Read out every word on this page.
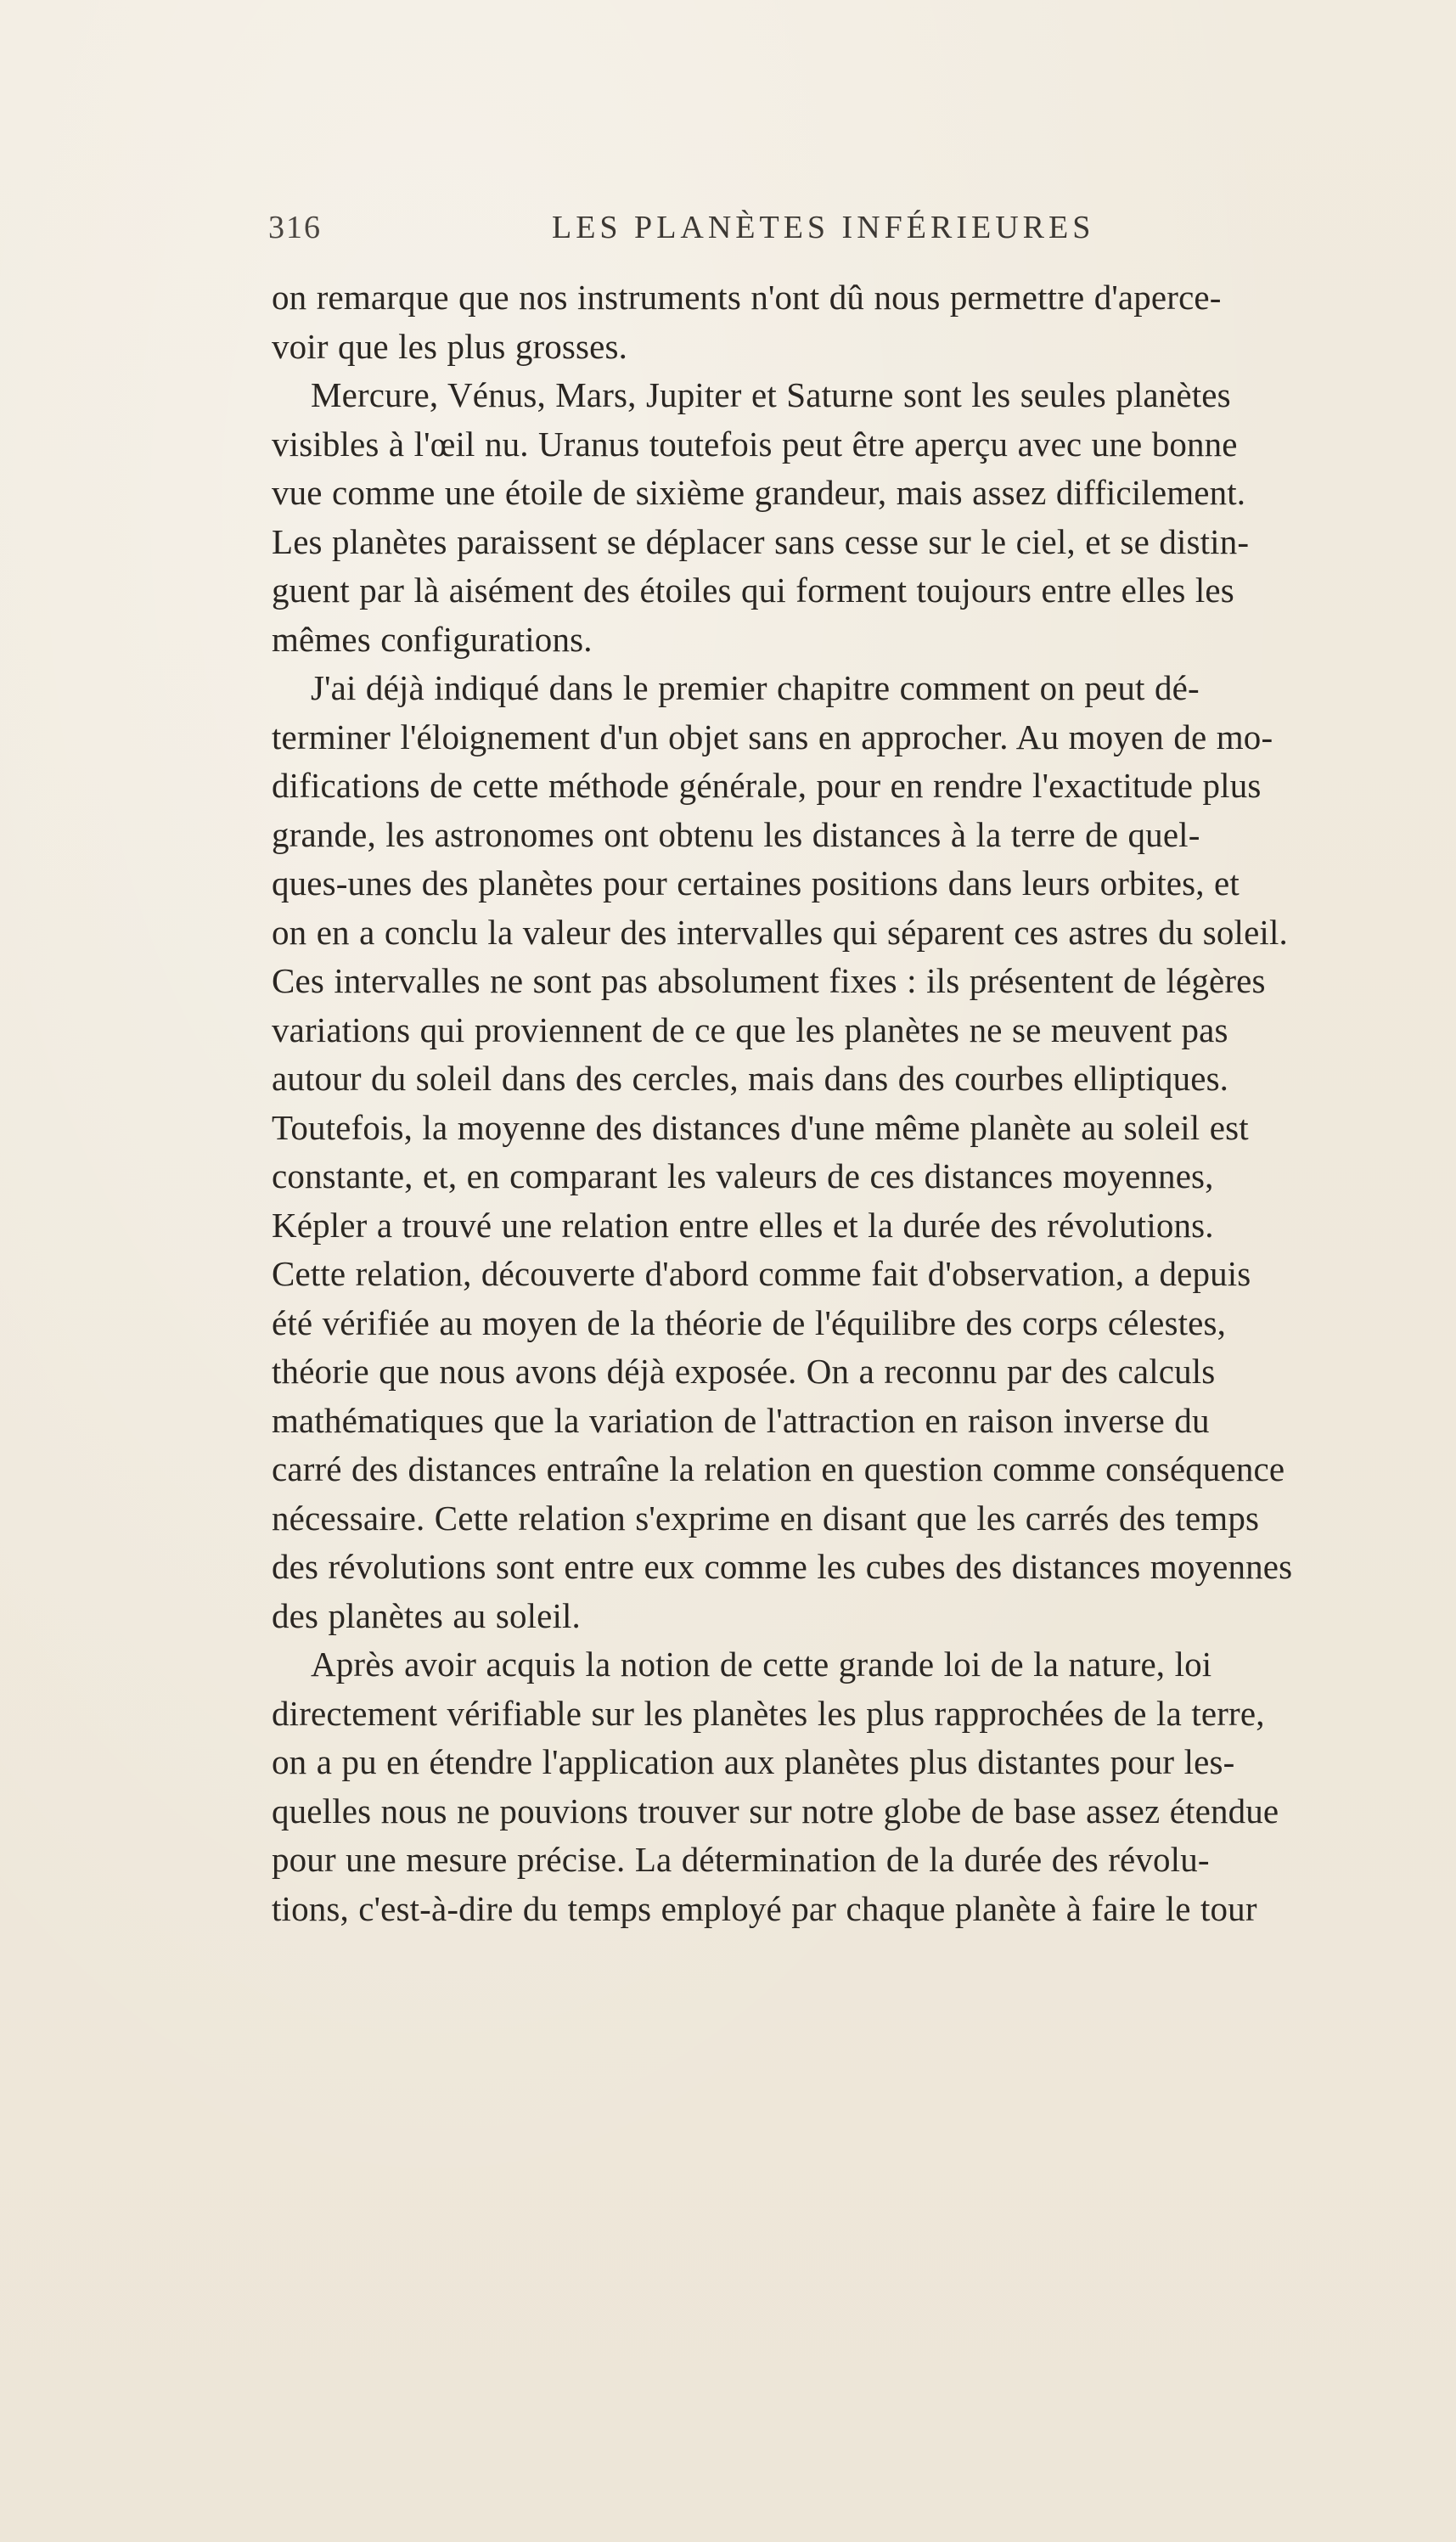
316	LES PLANÈTES INFÉRIEURES

on remarque que nos instruments n'ont dû nous permettre d'aperce-
voir que les plus grosses.

Mercure, Vénus, Mars, Jupiter et Saturne sont les seules planètes
visibles à l'œil nu. Uranus toutefois peut être aperçu avec une bonne
vue comme une étoile de sixième grandeur, mais assez difficilement.
Les planètes paraissent se déplacer sans cesse sur le ciel, et se distin-
guent par là aisément des étoiles qui forment toujours entre elles les
mêmes configurations.

J'ai déjà indiqué dans le premier chapitre comment on peut dé-
terminer l'éloignement d'un objet sans en approcher. Au moyen de mo-
difications de cette méthode générale, pour en rendre l'exactitude plus
grande, les astronomes ont obtenu les distances à la terre de quel-
ques-unes des planètes pour certaines positions dans leurs orbites, et
on en a conclu la valeur des intervalles qui séparent ces astres du soleil.
Ces intervalles ne sont pas absolument fixes : ils présentent de légères
variations qui proviennent de ce que les planètes ne se meuvent pas
autour du soleil dans des cercles, mais dans des courbes elliptiques.
Toutefois, la moyenne des distances d'une même planète au soleil est
constante, et, en comparant les valeurs de ces distances moyennes,
Képler a trouvé une relation entre elles et la durée des révolutions.
Cette relation, découverte d'abord comme fait d'observation, a depuis
été vérifiée au moyen de la théorie de l'équilibre des corps célestes,
théorie que nous avons déjà exposée. On a reconnu par des calculs
mathématiques que la variation de l'attraction en raison inverse du
carré des distances entraîne la relation en question comme conséquence
nécessaire. Cette relation s'exprime en disant que les carrés des temps
des révolutions sont entre eux comme les cubes des distances moyennes
des planètes au soleil.

Après avoir acquis la notion de cette grande loi de la nature, loi
directement vérifiable sur les planètes les plus rapprochées de la terre,
on a pu en étendre l'application aux planètes plus distantes pour les-
quelles nous ne pouvions trouver sur notre globe de base assez étendue
pour une mesure précise. La détermination de la durée des révolu-
tions, c'est-à-dire du temps employé par chaque planète à faire le tour
